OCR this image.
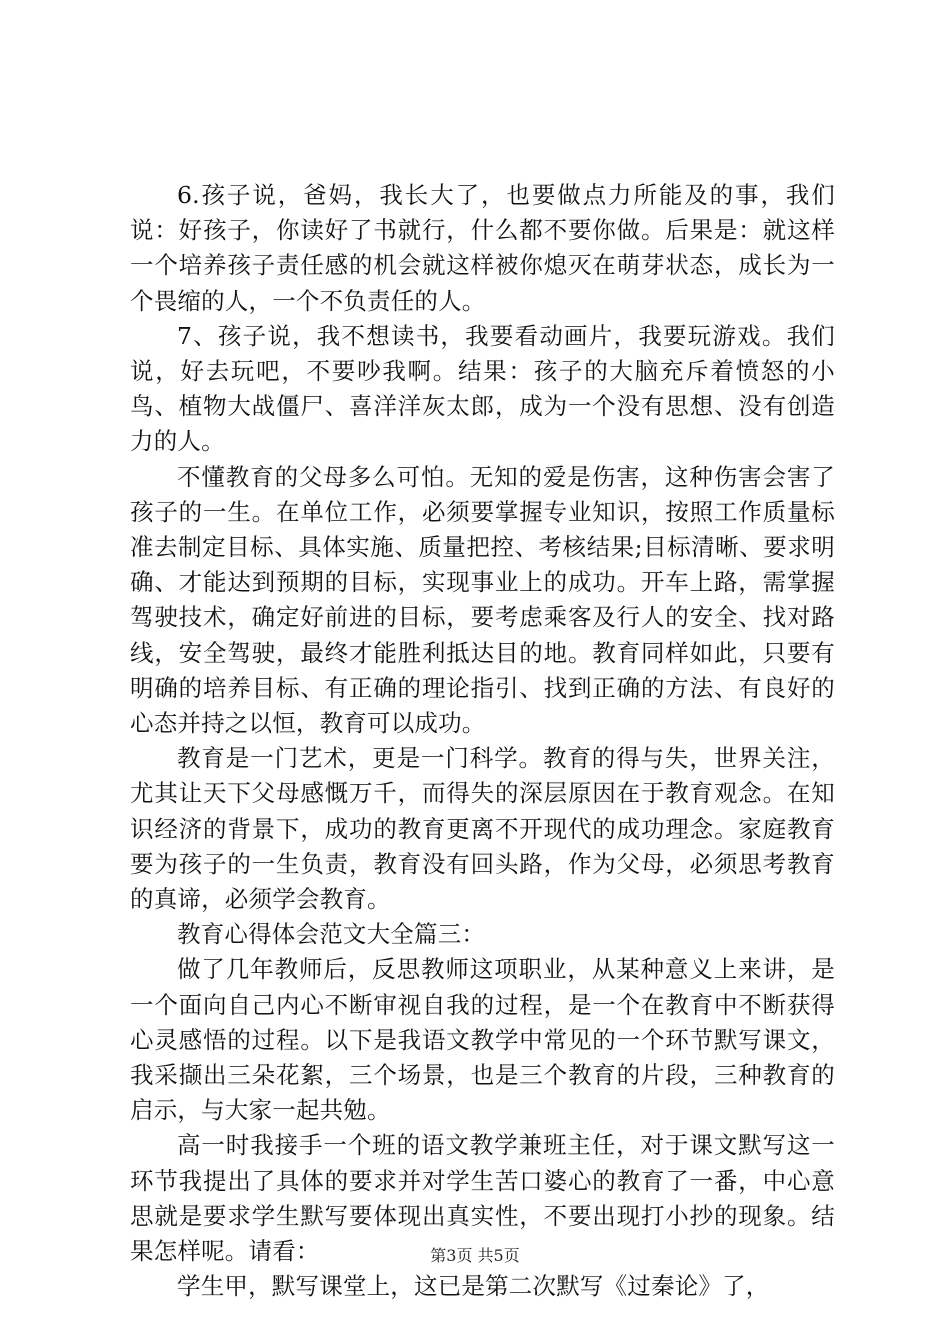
6.孩子说，爸妈，我长大了，也要做点力所能及的事，我们说：好孩子，你读好了书就行，什么都不要你做。后果是：就这样一个培养孩子责任感的机会就这样被你熄灭在萌芽状态，成长为一个畏缩的人，一个不负责任的人。

7、孩子说，我不想读书，我要看动画片，我要玩游戏。我们说，好去玩吧，不要吵我啊。结果：孩子的大脑充斥着愤怒的小鸟、植物大战僵尸、喜洋洋灰太郎，成为一个没有思想、没有创造力的人。

不懂教育的父母多么可怕。无知的爱是伤害，这种伤害会害了孩子的一生。在单位工作，必须要掌握专业知识，按照工作质量标准去制定目标、具体实施、质量把控、考核结果;目标清晰、要求明确、才能达到预期的目标，实现事业上的成功。开车上路，需掌握驾驶技术，确定好前进的目标，要考虑乘客及行人的安全、找对路线，安全驾驶，最终才能胜利抵达目的地。教育同样如此，只要有明确的培养目标、有正确的理论指引、找到正确的方法、有良好的心态并持之以恒，教育可以成功。

教育是一门艺术，更是一门科学。教育的得与失，世界关注，尤其让天下父母感慨万千，而得失的深层原因在于教育观念。在知识经济的背景下，成功的教育更离不开现代的成功理念。家庭教育要为孩子的一生负责，教育没有回头路，作为父母，必须思考教育的真谛，必须学会教育。

教育心得体会范文大全篇三：

做了几年教师后，反思教师这项职业，从某种意义上来讲，是一个面向自己内心不断审视自我的过程，是一个在教育中不断获得心灵感悟的过程。以下是我语文教学中常见的一个环节默写课文，我采撷出三朵花絮，三个场景，也是三个教育的片段，三种教育的启示，与大家一起共勉。

高一时我接手一个班的语文教学兼班主任，对于课文默写这一环节我提出了具体的要求并对学生苦口婆心的教育了一番，中心意思就是要求学生默写要体现出真实性，不要出现打小抄的现象。结果怎样呢。请看：

学生甲，默写课堂上，这已是第二次默写《过秦论》了，

第3页 共5页
